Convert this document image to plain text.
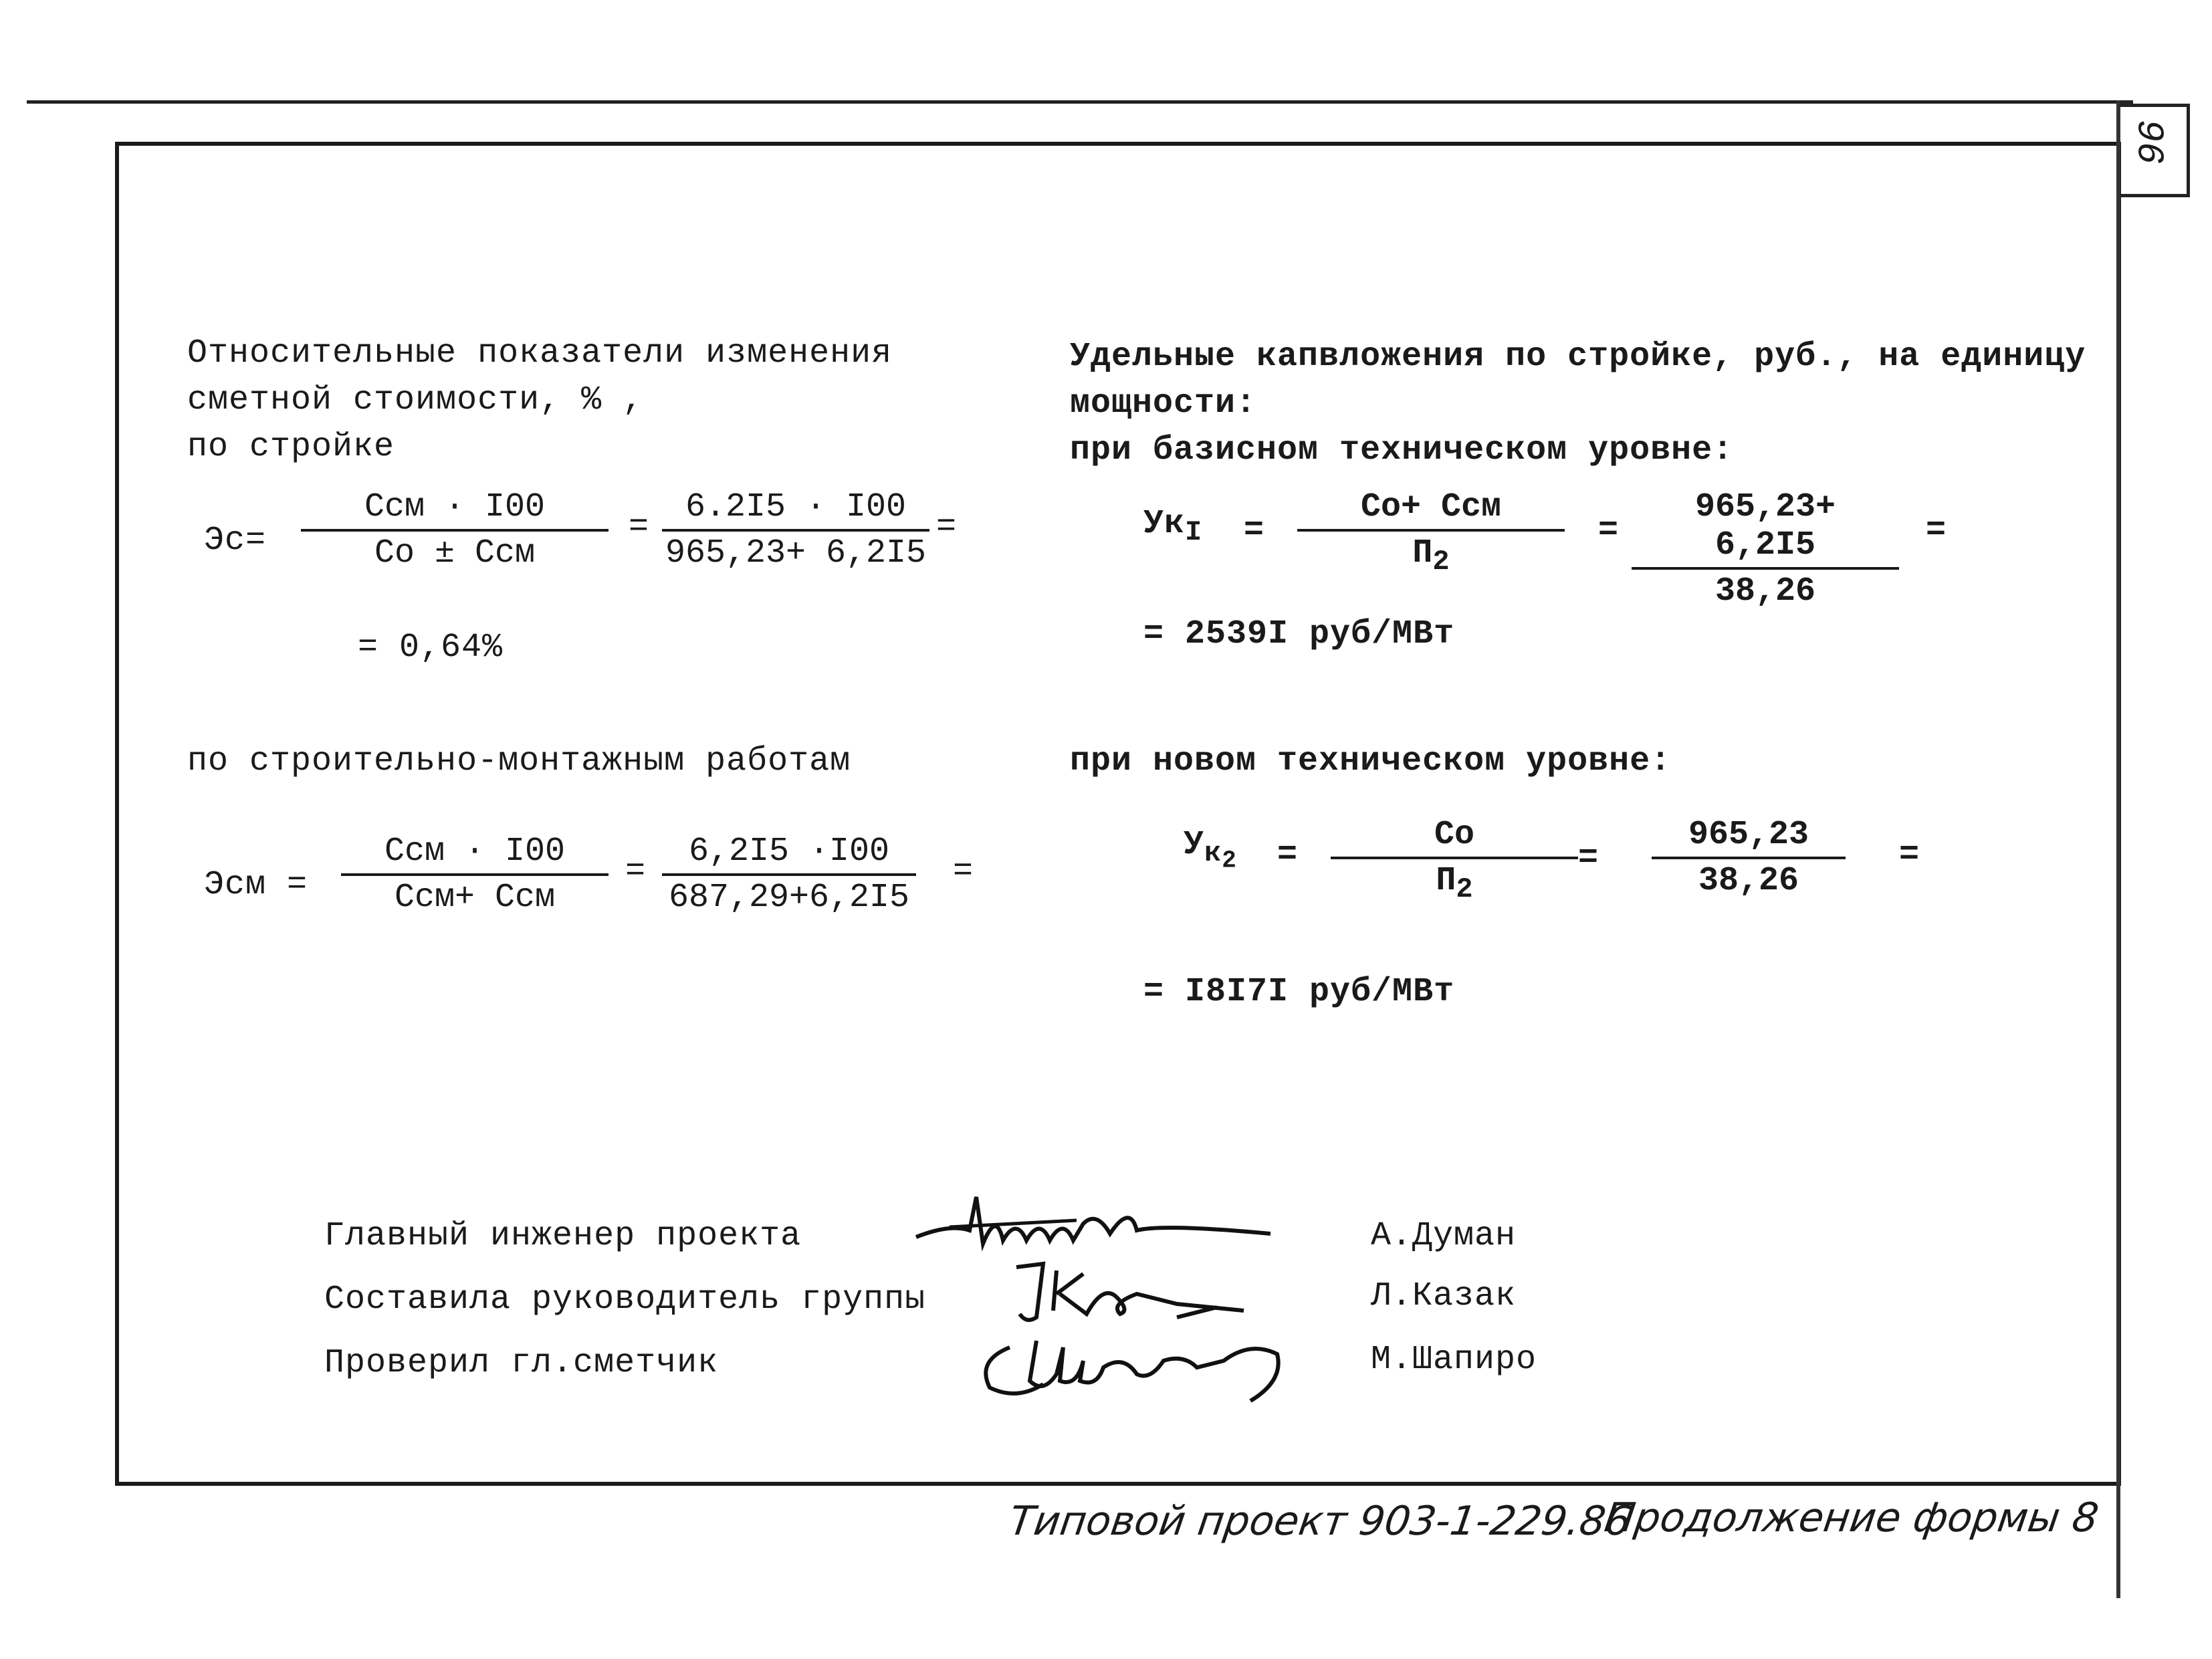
96
Относительные показатели изменения
сметной стоимости, % ,
по стройке
Эс=
Ссм · I00
Со ± Ссм
= $\frac{6.2I5 \cdot I00}{965,23+ 6,2I5}$ =
= 0,64%
по строительно-монтажным работам
Эсм =
Ссм · I00
Ссм+ Ссм
= $\frac{6,2I5 \cdot I00}{687,29+6,2I5}$ =
Удельные капвложения по стройке, руб., на единицу
мощности:
при базисном техническом уровне:
$Ук_I$ =
Со+ Ссм
$П_2$
= $\frac{965,23+ 6,2I5}{38,26}$ =
= 2539I руб/МВт
при новом техническом уровне:
$У_{к_2}$ =
Со
$П_2$
= $\frac{965,23}{38,26}$ =
= I8I7I руб/МВт
Главный инженер проекта
Составила руководитель группы
Проверил гл.сметчик
А.Думан
Л.Казак
М.Шапиро
Типовой проект 903-1-229.86
Продолжение формы 8
